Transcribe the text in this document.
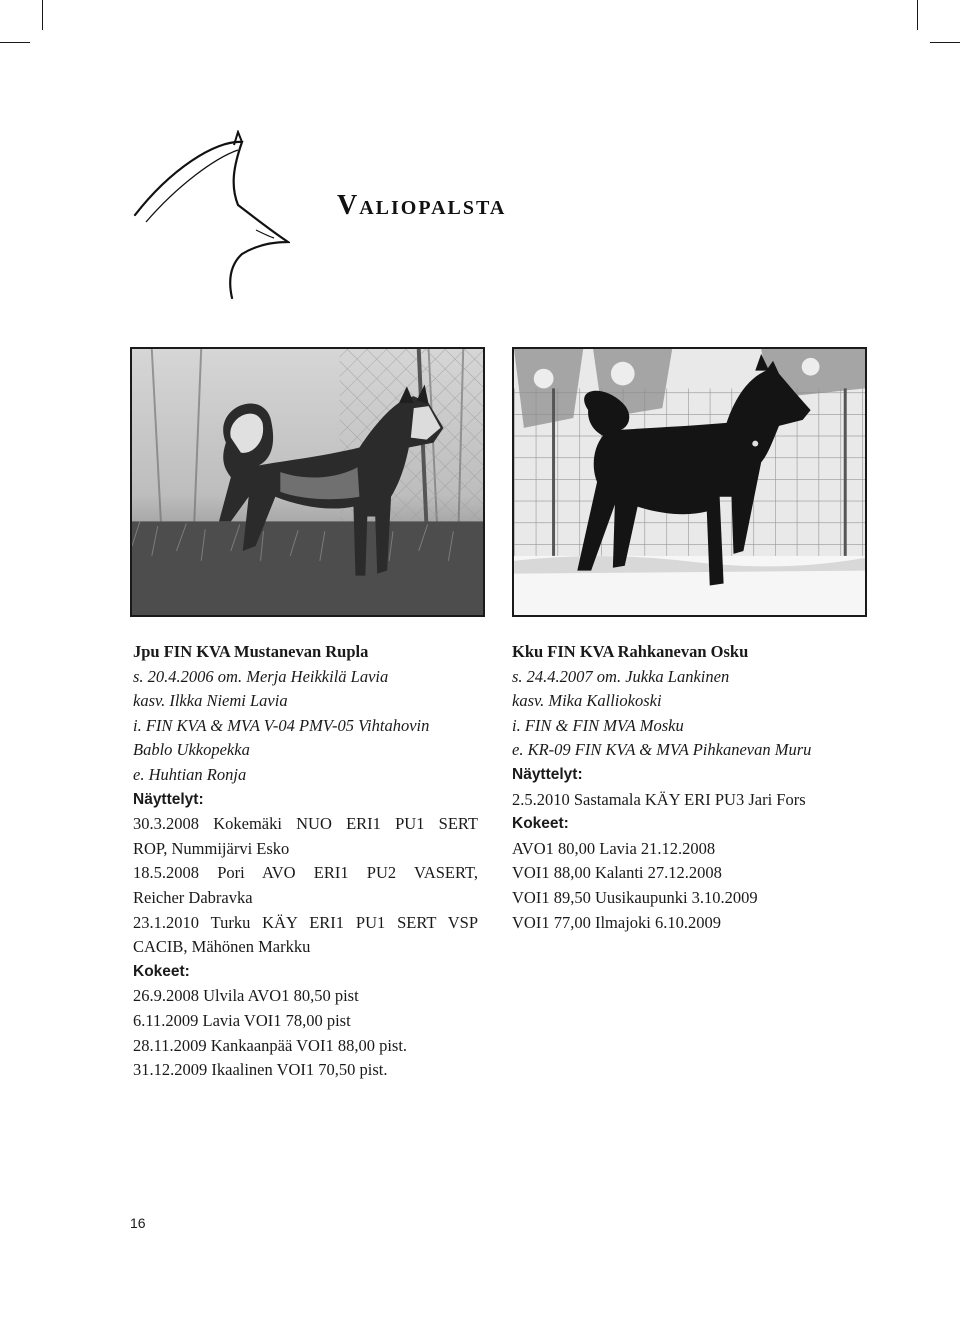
Valiopalsta
Jpu FIN KVA Mustanevan Rupla
s. 20.4.2006 om. Merja Heikkilä Lavia
kasv. Ilkka Niemi Lavia
i. FIN KVA & MVA V-04 PMV-05 Vihtahovin
Bablo Ukkopekka
e. Huhtian Ronja
Näyttelyt:
30.3.2008 Kokemäki NUO ERI1 PU1 SERT
ROP, Nummijärvi Esko
18.5.2008 Pori AVO ERI1 PU2 VASERT,
Reicher Dabravka
23.1.2010 Turku KÄY ERI1 PU1 SERT VSP
CACIB, Mähönen Markku
Kokeet:
26.9.2008 Ulvila AVO1 80,50 pist
6.11.2009 Lavia VOI1 78,00 pist
28.11.2009 Kankaanpää VOI1 88,00 pist.
31.12.2009 Ikaalinen VOI1 70,50 pist.
Kku FIN KVA Rahkanevan Osku
s. 24.4.2007 om. Jukka Lankinen
kasv. Mika Kalliokoski
i. FIN & FIN MVA Mosku
e. KR-09 FIN KVA & MVA Pihkanevan Muru
Näyttelyt:
2.5.2010 Sastamala KÄY ERI PU3 Jari Fors
Kokeet:
AVO1 80,00 Lavia 21.12.2008
VOI1 88,00 Kalanti 27.12.2008
VOI1 89,50 Uusikaupunki 3.10.2009
VOI1 77,00 Ilmajoki 6.10.2009
16
